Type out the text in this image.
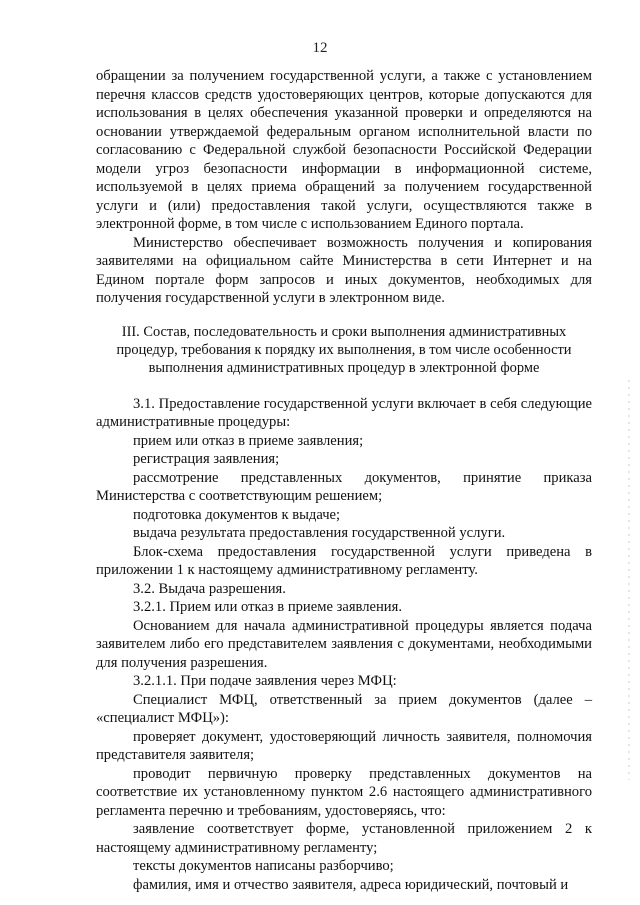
12

обращении за получением государственной услуги, а также с установлением перечня классов средств удостоверяющих центров, которые допускаются для использования в целях обеспечения указанной проверки и определяются на основании утверждаемой федеральным органом исполнительной власти по согласованию с Федеральной службой безопасности Российской Федерации модели угроз безопасности информации в информационной системе, используемой в целях приема обращений за получением государственной услуги и (или) предоставления такой услуги, осуществляются также в электронной форме, в том числе с использованием Единого портала.

Министерство обеспечивает возможность получения и копирования заявителями на официальном сайте Министерства в сети Интернет и на Едином портале форм запросов и иных документов, необходимых для получения государственной услуги в электронном виде.

III. Состав, последовательность и сроки выполнения административных процедур, требования к порядку их выполнения, в том числе особенности выполнения административных процедур в электронной форме

3.1. Предоставление государственной услуги включает в себя следующие административные процедуры:

прием или отказ в приеме заявления;

регистрация заявления;

рассмотрение представленных документов, принятие приказа Министерства с соответствующим решением;

подготовка документов к выдаче;

выдача результата предоставления государственной услуги.

Блок-схема предоставления государственной услуги приведена в приложении 1 к настоящему административному регламенту.

3.2. Выдача разрешения.

3.2.1. Прием или отказ в приеме заявления.

Основанием для начала административной процедуры является подача заявителем либо его представителем заявления с документами, необходимыми для получения разрешения.

3.2.1.1. При подаче заявления через МФЦ:

Специалист МФЦ, ответственный за прием документов (далее – «специалист МФЦ»):

проверяет документ, удостоверяющий личность заявителя, полномочия представителя заявителя;

проводит первичную проверку представленных документов на соответствие их установленному пунктом 2.6 настоящего административного регламента перечню и требованиям, удостоверяясь, что:

заявление соответствует форме, установленной приложением 2 к настоящему административному регламенту;

тексты документов написаны разборчиво;

фамилия, имя и отчество заявителя, адреса юридический, почтовый и
